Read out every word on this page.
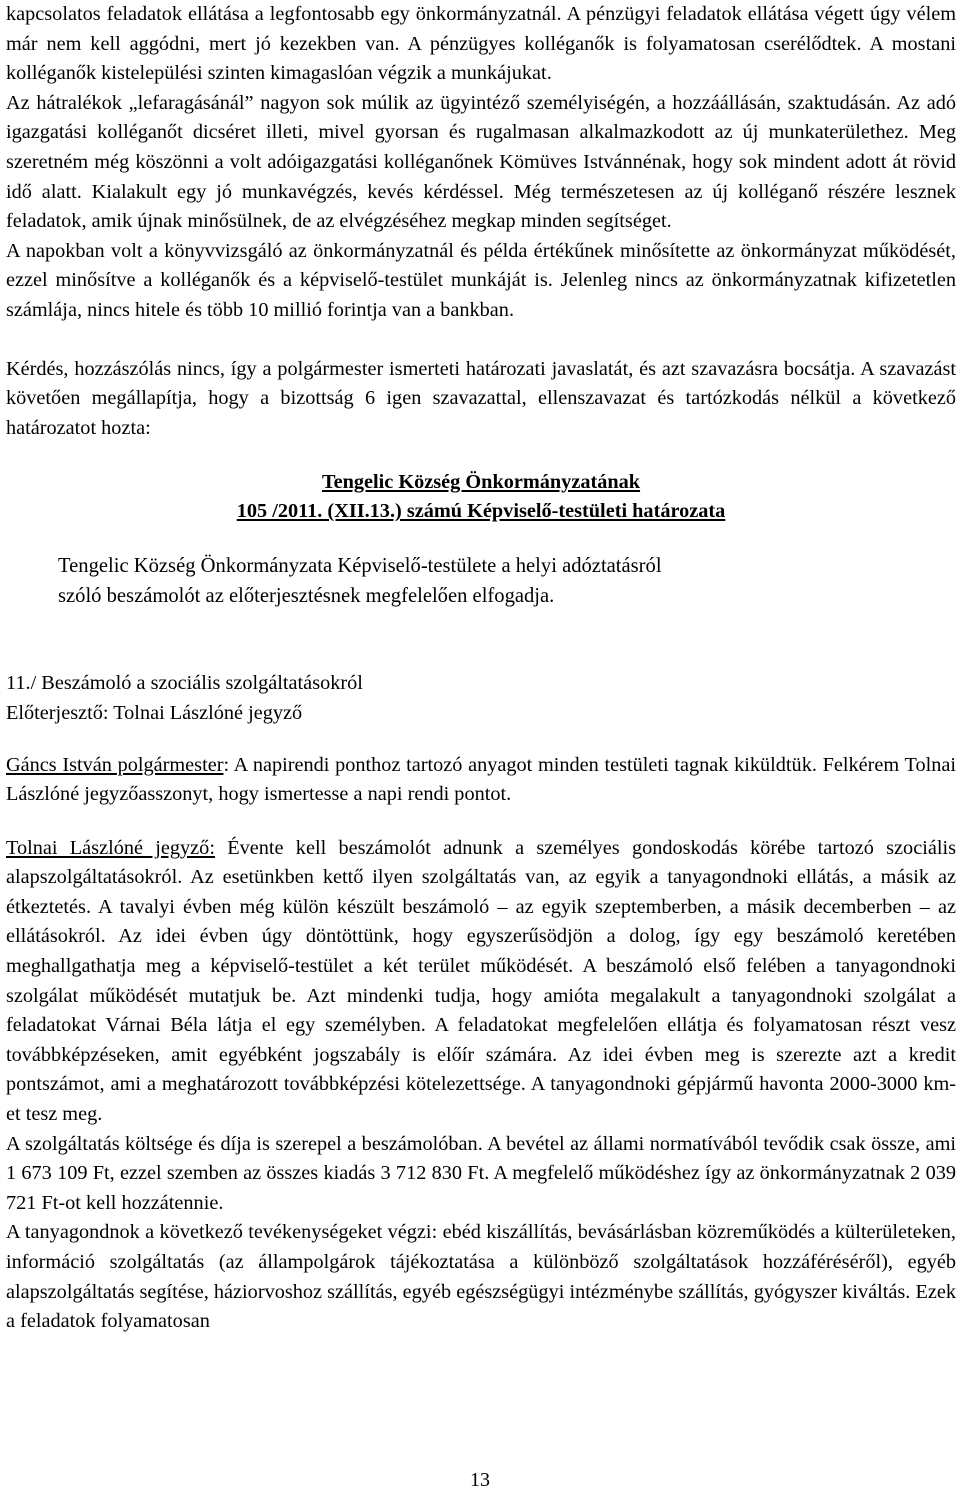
kapcsolatos feladatok ellátása a legfontosabb egy önkormányzatnál. A pénzügyi feladatok ellátása végett úgy vélem már nem kell aggódni, mert jó kezekben van. A pénzügyes kolléganők is folyamatosan cserélődtek. A mostani kolléganők kistelepülési szinten kimagaslóan végzik a munkájukat.

Az hátralékok „lefaragásánál” nagyon sok múlik az ügyintéző személyiségén, a hozzáállásán, szaktudásán. Az adó igazgatási kolléganőt dicséret illeti, mivel gyorsan és rugalmasan alkalmazkodott az új munkaterülethez. Meg szeretném még köszönni a volt adóigazgatási kolléganőnek Kömüves Istvánnénak, hogy sok mindent adott át rövid idő alatt. Kialakult egy jó munkavégzés, kevés kérdéssel. Még természetesen az új kolléganő részére lesznek feladatok, amik újnak minősülnek, de az elvégzéséhez megkap minden segítséget.

A napokban volt a könyvvizsgáló az önkormányzatnál és példa értékűnek minősítette az önkormányzat működését, ezzel minősítve a kolléganők és a képviselő-testület munkáját is. Jelenleg nincs az önkormányzatnak kifizetetlen számlája, nincs hitele és több 10 millió forintja van a bankban.

Kérdés, hozzászólás nincs, így a polgármester ismerteti határozati javaslatát, és azt szavazásra bocsátja. A szavazást követően megállapítja, hogy a bizottság 6 igen szavazattal, ellenszavazat és tartózkodás nélkül a következő határozatot hozta:

Tengelic Község Önkormányzatának
105 /2011. (XII.13.) számú Képviselő-testületi határozata
Tengelic Község Önkormányzata Képviselő-testülete a helyi adóztatásról
szóló beszámolót az előterjesztésnek megfelelően elfogadja.

11./ Beszámoló a szociális szolgáltatásokról

Előterjesztő: Tolnai Lászlóné jegyző

Gáncs István polgármester: A napirendi ponthoz tartozó anyagot minden testületi tagnak kiküldtük. Felkérem Tolnai Lászlóné jegyzőasszonyt, hogy ismertesse a napi rendi pontot.

Tolnai Lászlóné jegyző: Évente kell beszámolót adnunk a személyes gondoskodás körébe tartozó szociális alapszolgáltatásokról. Az esetünkben kettő ilyen szolgáltatás van, az egyik a tanyagondnoki ellátás, a másik az étkeztetés. A tavalyi évben még külön készült beszámoló – az egyik szeptemberben, a másik decemberben – az ellátásokról. Az idei évben úgy döntöttünk, hogy egyszerűsödjön a dolog, így egy beszámoló keretében meghallgathatja meg a képviselő-testület a két terület működését. A beszámoló első felében a tanyagondnoki szolgálat működését mutatjuk be. Azt mindenki tudja, hogy amióta megalakult a tanyagondnoki szolgálat a feladatokat Várnai Béla látja el egy személyben. A feladatokat megfelelően ellátja és folyamatosan részt vesz továbbképzéseken, amit egyébként jogszabály is előír számára. Az idei évben meg is szerezte azt a kredit pontszámot, ami a meghatározott továbbképzési kötelezettsége. A tanyagondnoki gépjármű havonta 2000-3000 km-et tesz meg.

A szolgáltatás költsége és díja is szerepel a beszámolóban. A bevétel az állami normatívából tevődik csak össze, ami 1 673 109 Ft, ezzel szemben az összes kiadás 3 712 830 Ft. A megfelelő működéshez így az önkormányzatnak 2 039 721 Ft-ot kell hozzátennie.

A tanyagondnok a következő tevékenységeket végzi: ebéd kiszállítás, bevásárlásban közreműködés a külterületeken, információ szolgáltatás (az állampolgárok tájékoztatása a különböző szolgáltatások hozzáféréséről), egyéb alapszolgáltatás segítése, háziorvoshoz szállítás, egyéb egészségügyi intézménybe szállítás, gyógyszer kiváltás. Ezek a feladatok folyamatosan

13
